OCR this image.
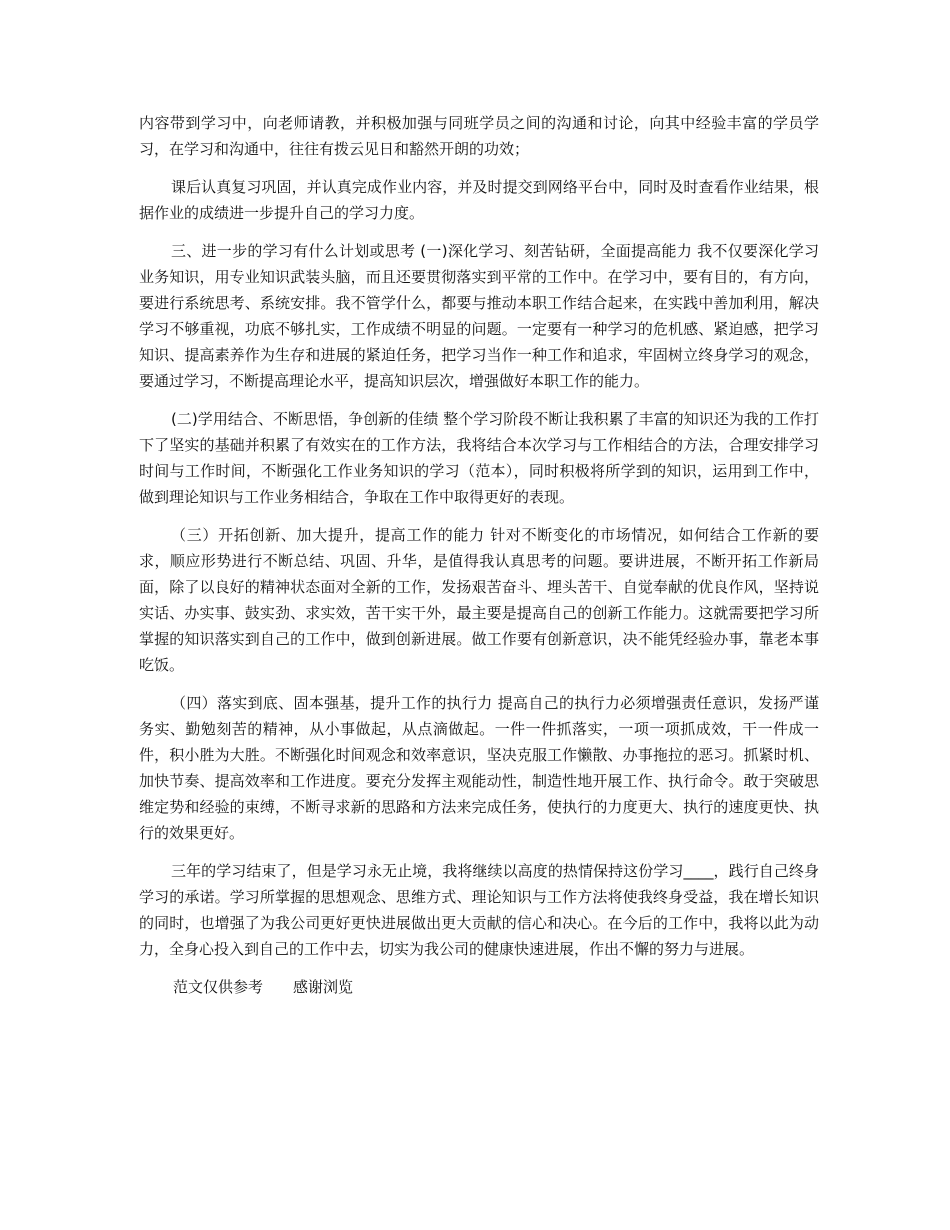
内容带到学习中，向老师请教，并积极加强与同班学员之间的沟通和讨论，向其中经验丰富的学员学习，在学习和沟通中，往往有拨云见日和豁然开朗的功效；

课后认真复习巩固，并认真完成作业内容，并及时提交到网络平台中，同时及时查看作业结果，根据作业的成绩进一步提升自己的学习力度。

三、进一步的学习有什么计划或思考 (一)深化学习、刻苦钻研，全面提高能力 我不仅要深化学习业务知识，用专业知识武装头脑，而且还要贯彻落实到平常的工作中。在学习中，要有目的，有方向，要进行系统思考、系统安排。我不管学什么，都要与推动本职工作结合起来，在实践中善加利用，解决学习不够重视，功底不够扎实，工作成绩不明显的问题。一定要有一种学习的危机感、紧迫感，把学习知识、提高素养作为生存和进展的紧迫任务，把学习当作一种工作和追求，牢固树立终身学习的观念，要通过学习，不断提高理论水平，提高知识层次，增强做好本职工作的能力。

(二)学用结合、不断思悟，争创新的佳绩 整个学习阶段不断让我积累了丰富的知识还为我的工作打下了坚实的基础并积累了有效实在的工作方法，我将结合本次学习与工作相结合的方法，合理安排学习时间与工作时间，不断强化工作业务知识的学习（范本），同时积极将所学到的知识，运用到工作中，做到理论知识与工作业务相结合，争取在工作中取得更好的表现。

（三）开拓创新、加大提升，提高工作的能力 针对不断变化的市场情况，如何结合工作新的要求，顺应形势进行不断总结、巩固、升华，是值得我认真思考的问题。要讲进展，不断开拓工作新局面，除了以良好的精神状态面对全新的工作，发扬艰苦奋斗、埋头苦干、自觉奉献的优良作风，坚持说实话、办实事、鼓实劲、求实效，苦干实干外，最主要是提高自己的创新工作能力。这就需要把学习所掌握的知识落实到自己的工作中，做到创新进展。做工作要有创新意识，决不能凭经验办事，靠老本事吃饭。

（四）落实到底、固本强基，提升工作的执行力 提高自己的执行力必须增强责任意识，发扬严谨务实、勤勉刻苦的精神，从小事做起，从点滴做起。一件一件抓落实，一项一项抓成效，干一件成一件，积小胜为大胜。不断强化时间观念和效率意识，坚决克服工作懒散、办事拖拉的恶习。抓紧时机、加快节奏、提高效率和工作进度。要充分发挥主观能动性，制造性地开展工作、执行命令。敢于突破思维定势和经验的束缚，不断寻求新的思路和方法来完成任务，使执行的力度更大、执行的速度更快、执行的效果更好。

三年的学习结束了，但是学习永无止境，我将继续以高度的热情保持这份学习____，践行自己终身学习的承诺。学习所掌握的思想观念、思维方式、理论知识与工作方法将使我终身受益，我在增长知识的同时，也增强了为我公司更好更快进展做出更大贡献的信心和决心。在今后的工作中，我将以此为动力，全身心投入到自己的工作中去，切实为我公司的健康快速进展，作出不懈的努力与进展。

范文仅供参考 感谢浏览
